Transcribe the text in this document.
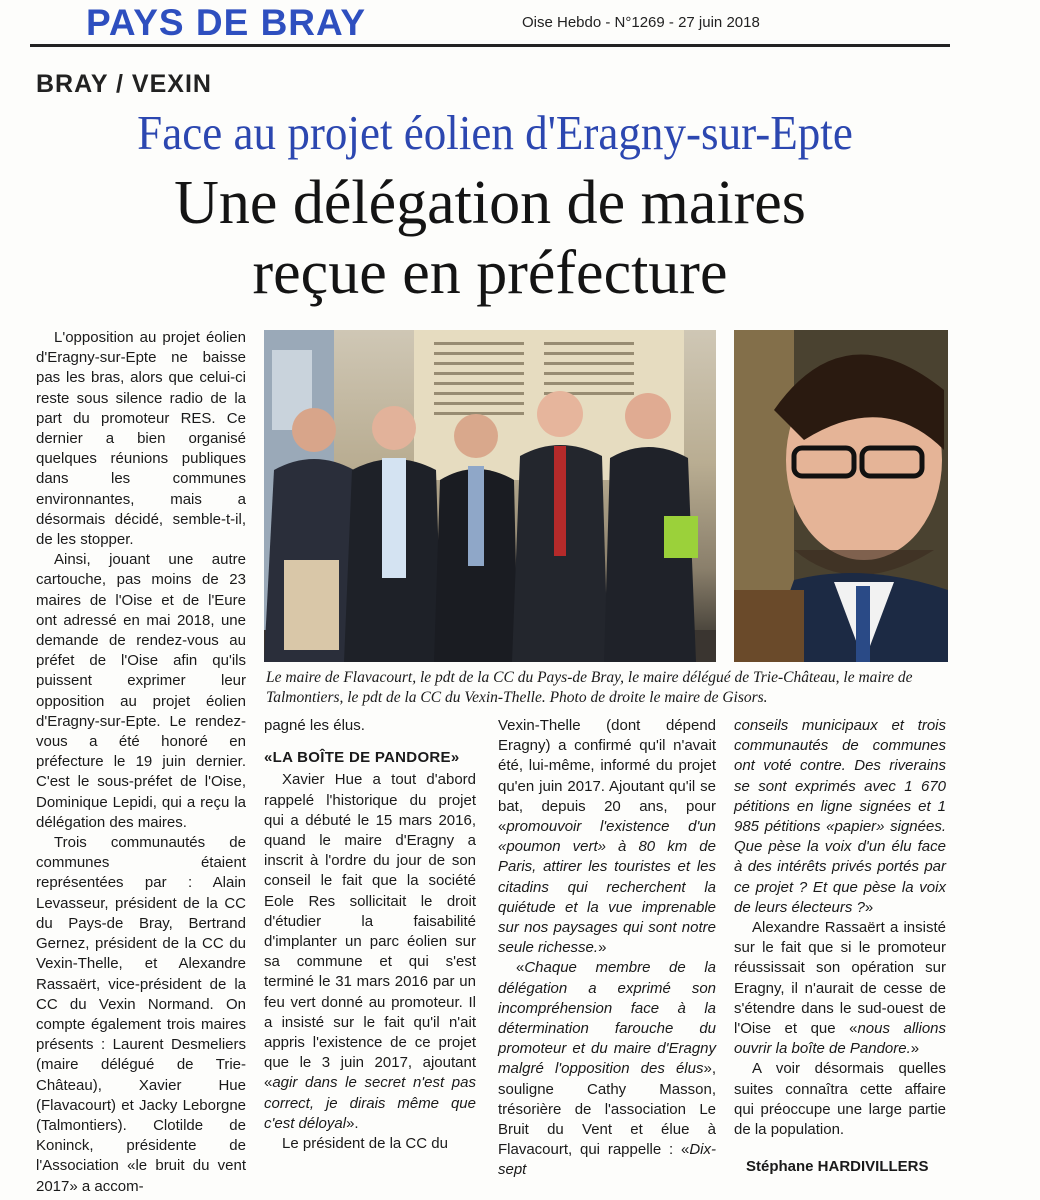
PAYS DE BRAY	Oise Hebdo - N°1269 - 27 juin 2018
BRAY / VEXIN
Face au projet éolien d'Eragny-sur-Epte
Une délégation de maires
reçue en préfecture

L'opposition au projet éolien d'Eragny-sur-Epte ne baisse pas les bras, alors que celui-ci reste sous silence radio de la part du promoteur RES. Ce dernier a bien organisé quelques réunions publiques dans les communes environnantes, mais a désormais décidé, semble-t-il, de les stopper.

Ainsi, jouant une autre cartouche, pas moins de 23 maires de l'Oise et de l'Eure ont adressé en mai 2018, une demande de rendez-vous au préfet de l'Oise afin qu'ils puissent exprimer leur opposition au projet éolien d'Eragny-sur-Epte. Le rendez-vous a été honoré en préfecture le 19 juin dernier. C'est le sous-préfet de l'Oise, Dominique Lepidi, qui a reçu la délégation des maires.

Trois communautés de communes étaient représentées par : Alain Levasseur, président de la CC du Pays-de Bray, Bertrand Gernez, président de la CC du Vexin-Thelle, et Alexandre Rassaërt, vice-président de la CC du Vexin Normand. On compte également trois maires présents : Laurent Desmeliers (maire délégué de Trie-Château), Xavier Hue (Flavacourt) et Jacky Leborgne (Talmontiers). Clotilde de Koninck, présidente de l'Association «le bruit du vent 2017» a accom-

Le maire de Flavacourt, le pdt de la CC du Pays-de Bray, le maire délégué de Trie-Château, le maire de Talmontiers, le pdt de la CC du Vexin-Thelle. Photo de droite le maire de Gisors.

pagné les élus.

«LA BOÎTE DE PANDORE»

Xavier Hue a tout d'abord rappelé l'historique du projet qui a débuté le 15 mars 2016, quand le maire d'Eragny a inscrit à l'ordre du jour de son conseil le fait que la société Eole Res sollicitait le droit d'étudier la faisabilité d'implanter un parc éolien sur sa commune et qui s'est terminé le 31 mars 2016 par un feu vert donné au promoteur. Il a insisté sur le fait qu'il n'ait appris l'existence de ce projet que le 3 juin 2017, ajoutant «agir dans le secret n'est pas correct, je dirais même que c'est déloyal».

Le président de la CC du

Vexin-Thelle (dont dépend Eragny) a confirmé qu'il n'avait été, lui-même, informé du projet qu'en juin 2017. Ajoutant qu'il se bat, depuis 20 ans, pour «promouvoir l'existence d'un «poumon vert» à 80 km de Paris, attirer les touristes et les citadins qui recherchent la quiétude et la vue imprenable sur nos paysages qui sont notre seule richesse.»

«Chaque membre de la délégation a exprimé son incompréhension face à la détermination farouche du promoteur et du maire d'Eragny malgré l'opposition des élus», souligne Cathy Masson, trésorière de l'association Le Bruit du Vent et élue à Flavacourt, qui rappelle : «Dix-sept

conseils municipaux et trois communautés de communes ont voté contre. Des riverains se sont exprimés avec 1 670 pétitions en ligne signées et 1 985 pétitions «papier» signées. Que pèse la voix d'un élu face à des intérêts privés portés par ce projet ? Et que pèse la voix de leurs électeurs ?»

Alexandre Rassaërt a insisté sur le fait que si le promoteur réussissait son opération sur Eragny, il n'aurait de cesse de s'étendre dans le sud-ouest de l'Oise et que «nous allions ouvrir la boîte de Pandore.»

A voir désormais quelles suites connaîtra cette affaire qui préoccupe une large partie de la population.

Stéphane HARDIVILLERS
